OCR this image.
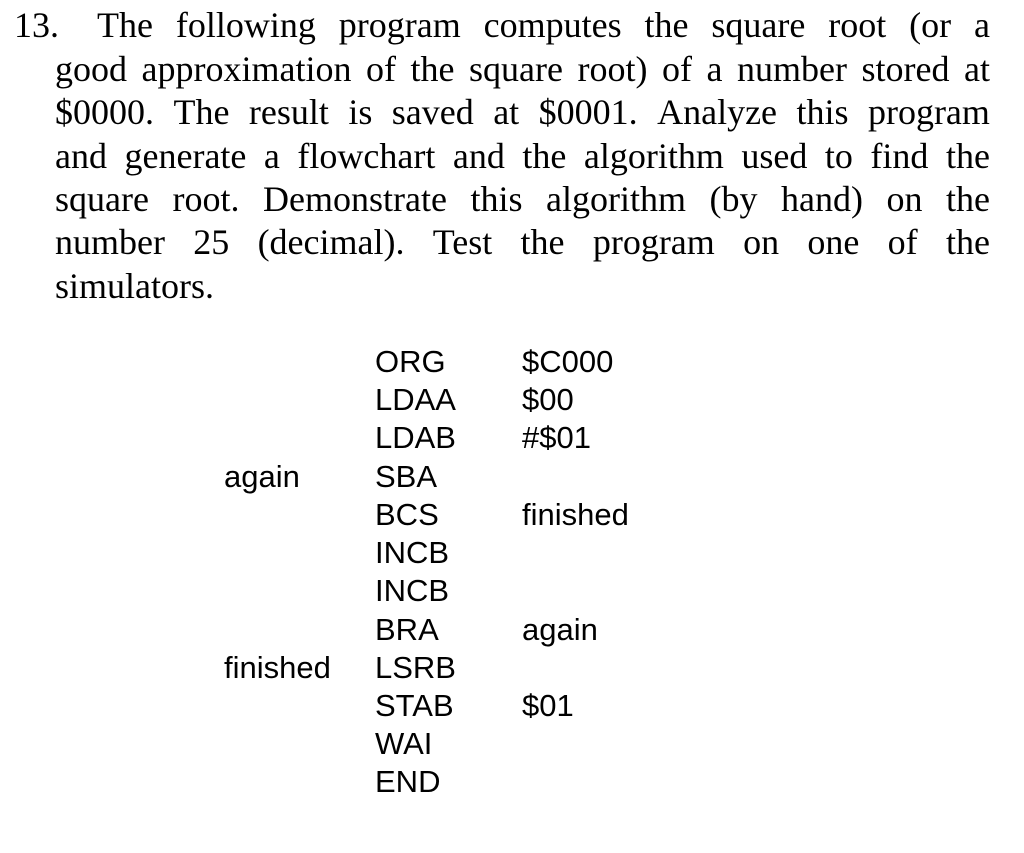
13. The following program computes the square root (or a
good approximation of the square root) of a number stored at
$0000. The result is saved at $0001. Analyze this program
and generate a flowchart and the algorithm used to find the
square root. Demonstrate this algorithm (by hand) on the
number 25 (decimal). Test the program on one of the
simulators.
ORG $C000
LDAA $00
LDAB #$01
again SBA
BCS	finished
INCB
INCB
BRA	again
finished LSRB
STAB $01
WAI
END
